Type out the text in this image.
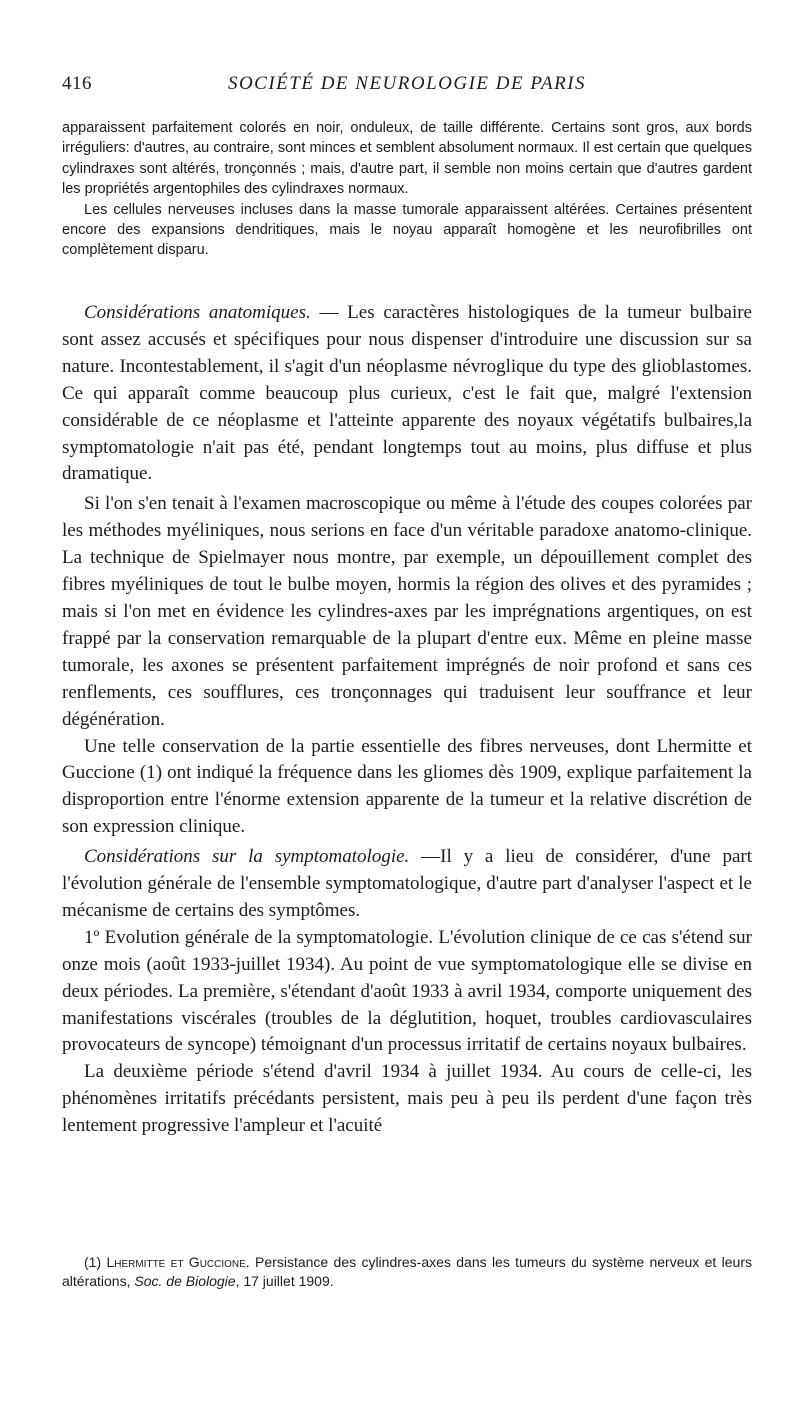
416	SOCIÉTÉ DE NEUROLOGIE DE PARIS

apparaissent parfaitement colorés en noir, onduleux, de taille différente. Certains sont gros, aux bords irréguliers: d'autres, au contraire, sont minces et semblent absolument normaux. Il est certain que quelques cylindraxes sont altérés, tronçonnés ; mais, d'autre part, il semble non moins certain que d'autres gardent les propriétés argentophiles des cylindraxes normaux.

Les cellules nerveuses incluses dans la masse tumorale apparaissent altérées. Certaines présentent encore des expansions dendritiques, mais le noyau apparaît homogène et les neurofibrilles ont complètement disparu.

Considérations anatomiques. — Les caractères histologiques de la tumeur bulbaire sont assez accusés et spécifiques pour nous dispenser d'introduire une discussion sur sa nature. Incontestablement, il s'agit d'un néoplasme névroglique du type des glioblastomes. Ce qui apparaît comme beaucoup plus curieux, c'est le fait que, malgré l'extension considérable de ce néoplasme et l'atteinte apparente des noyaux végétatifs bulbaires,la symptomatologie n'ait pas été, pendant longtemps tout au moins, plus diffuse et plus dramatique.

Si l'on s'en tenait à l'examen macroscopique ou même à l'étude des coupes colorées par les méthodes myéliniques, nous serions en face d'un véritable paradoxe anatomo-clinique. La technique de Spielmayer nous montre, par exemple, un dépouillement complet des fibres myéliniques de tout le bulbe moyen, hormis la région des olives et des pyramides ; mais si l'on met en évidence les cylindres-axes par les imprégnations argentiques, on est frappé par la conservation remarquable de la plupart d'entre eux. Même en pleine masse tumorale, les axones se présentent parfaitement imprégnés de noir profond et sans ces renflements, ces soufflures, ces tronçonnages qui traduisent leur souffrance et leur dégénération.

Une telle conservation de la partie essentielle des fibres nerveuses, dont Lhermitte et Guccione (1) ont indiqué la fréquence dans les gliomes dès 1909, explique parfaitement la disproportion entre l'énorme extension apparente de la tumeur et la relative discrétion de son expression clinique.

Considérations sur la symptomatologie. —Il y a lieu de considérer, d'une part l'évolution générale de l'ensemble symptomatologique, d'autre part d'analyser l'aspect et le mécanisme de certains des symptômes.

1º Evolution générale de la symptomatologie. L'évolution clinique de ce cas s'étend sur onze mois (août 1933-juillet 1934). Au point de vue symptomatologique elle se divise en deux périodes. La première, s'étendant d'août 1933 à avril 1934, comporte uniquement des manifestations viscérales (troubles de la déglutition, hoquet, troubles cardiovasculaires provocateurs de syncope) témoignant d'un processus irritatif de certains noyaux bulbaires.

La deuxième période s'étend d'avril 1934 à juillet 1934. Au cours de celle-ci, les phénomènes irritatifs précédants persistent, mais peu à peu ils perdent d'une façon très lentement progressive l'ampleur et l'acuité

(1) Lhermitte et Guccione. Persistance des cylindres-axes dans les tumeurs du système nerveux et leurs altérations, Soc. de Biologie, 17 juillet 1909.
